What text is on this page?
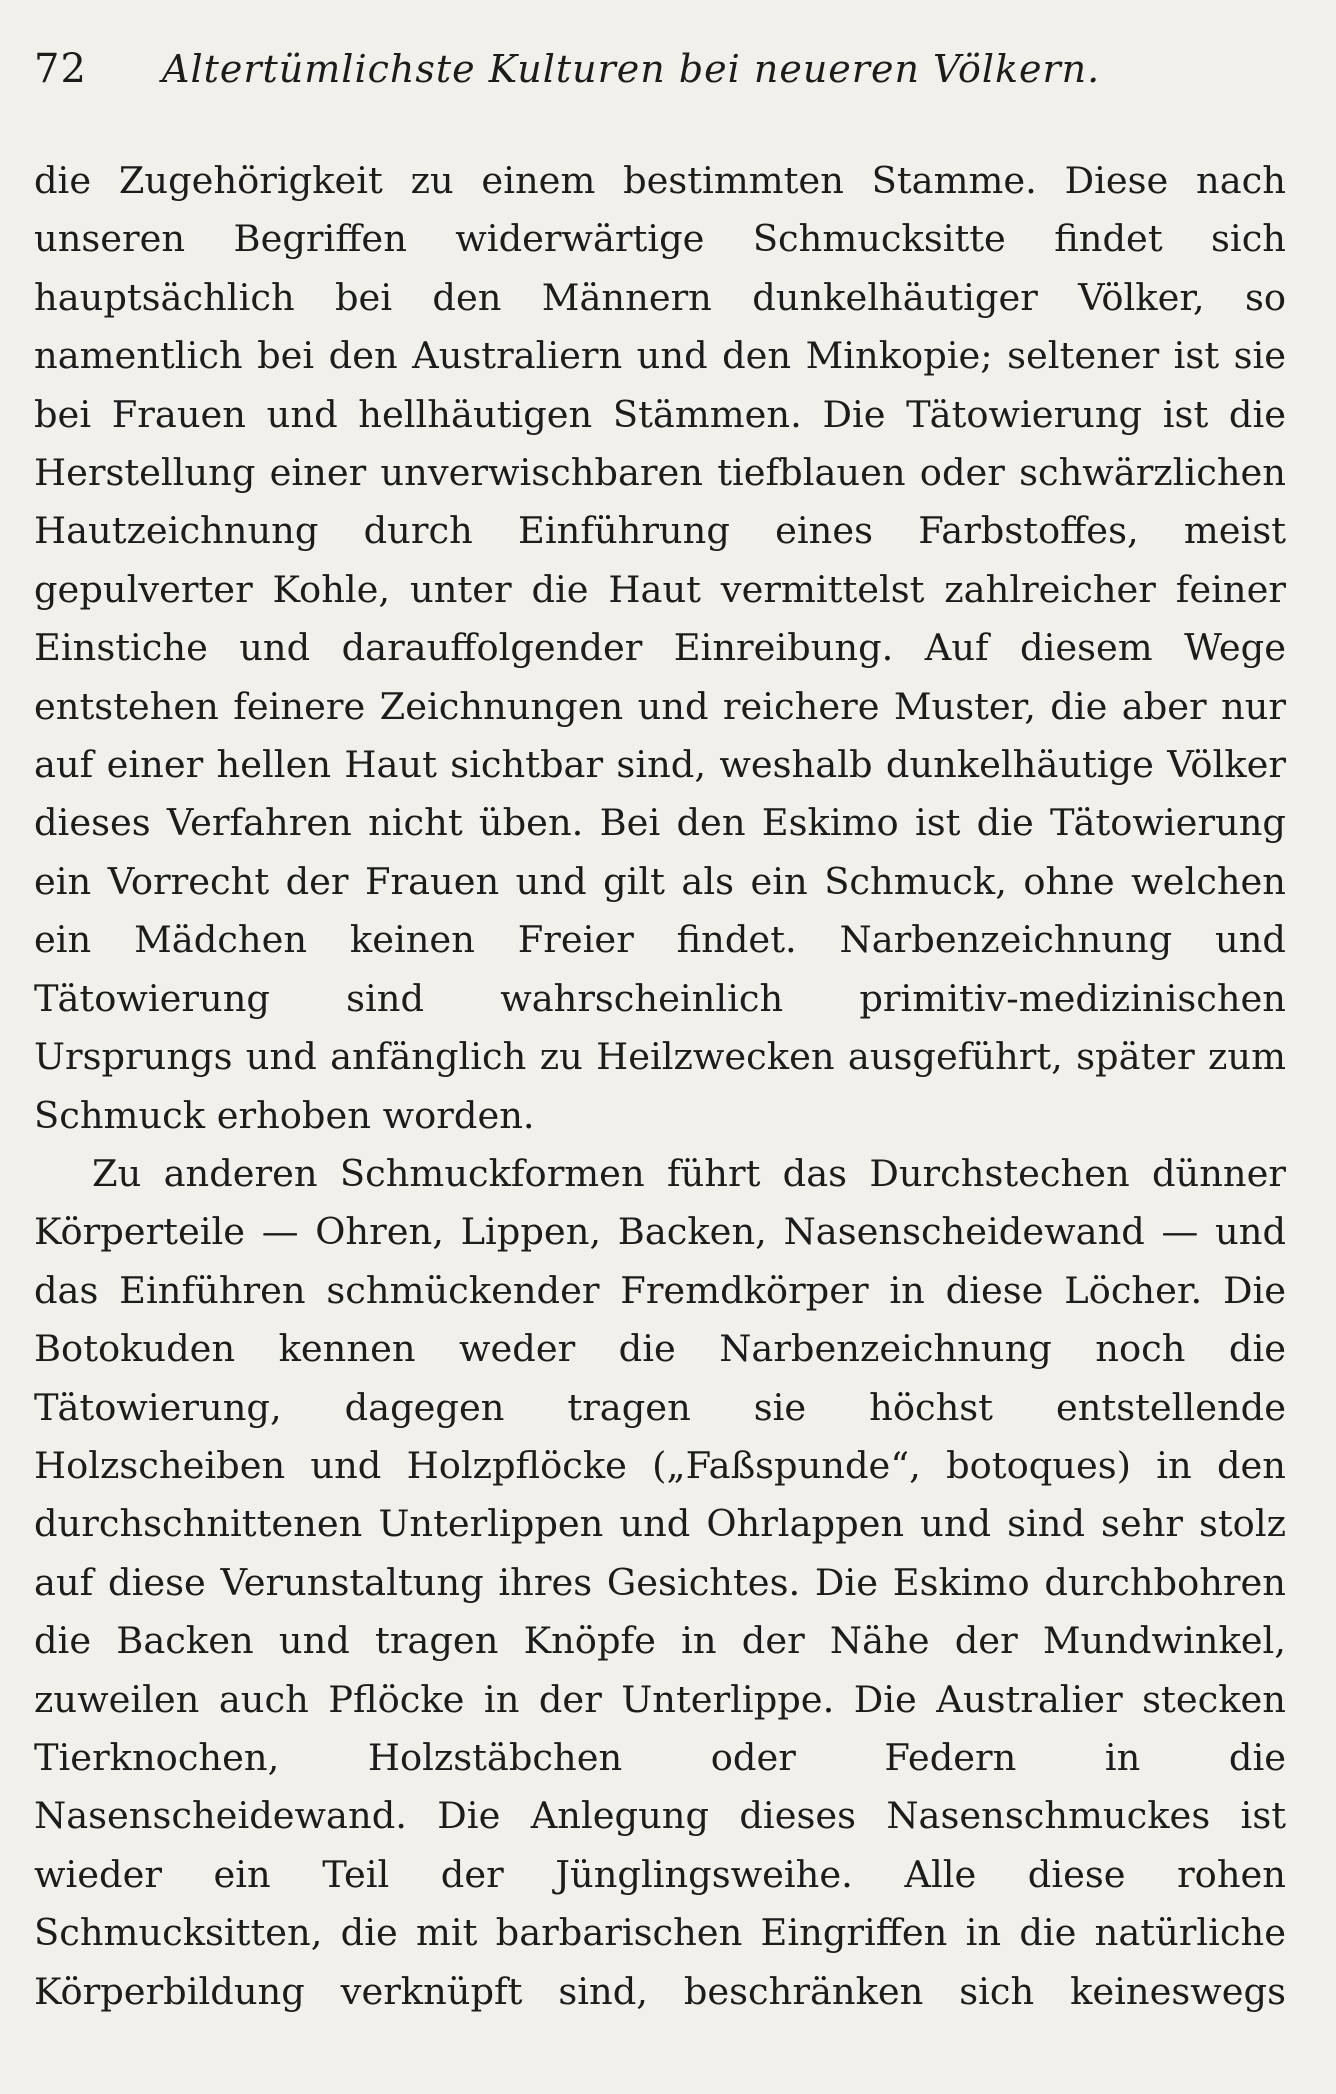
72	Altertümlichste Kulturen bei neueren Völkern.

die Zugehörigkeit zu einem bestimmten Stamme. Diese nach unseren Begriffen widerwärtige Schmucksitte findet sich hauptsächlich bei den Männern dunkelhäutiger Völker, so namentlich bei den Australiern und den Minkopie; seltener ist sie bei Frauen und hellhäutigen Stämmen. Die Tätowierung ist die Herstellung einer unverwischbaren tiefblauen oder schwärzlichen Hautzeichnung durch Einführung eines Farbstoffes, meist gepulverter Kohle, unter die Haut vermittelst zahlreicher feiner Einstiche und darauffolgender Einreibung. Auf diesem Wege entstehen feinere Zeichnungen und reichere Muster, die aber nur auf einer hellen Haut sichtbar sind, weshalb dunkelhäutige Völker dieses Verfahren nicht üben. Bei den Eskimo ist die Tätowierung ein Vorrecht der Frauen und gilt als ein Schmuck, ohne welchen ein Mädchen keinen Freier findet. Narbenzeichnung und Tätowierung sind wahrscheinlich primitiv-medizinischen Ursprungs und anfänglich zu Heilzwecken ausgeführt, später zum Schmuck erhoben worden.

Zu anderen Schmuckformen führt das Durchstechen dünner Körperteile — Ohren, Lippen, Backen, Nasenscheidewand — und das Einführen schmückender Fremdkörper in diese Löcher. Die Botokuden kennen weder die Narbenzeichnung noch die Tätowierung, dagegen tragen sie höchst entstellende Holzscheiben und Holzpflöcke („Faßspunde“, botoques) in den durchschnittenen Unterlippen und Ohrlappen und sind sehr stolz auf diese Verunstaltung ihres Gesichtes. Die Eskimo durchbohren die Backen und tragen Knöpfe in der Nähe der Mundwinkel, zuweilen auch Pflöcke in der Unterlippe. Die Australier stecken Tierknochen, Holzstäbchen oder Federn in die Nasenscheidewand. Die Anlegung dieses Nasenschmuckes ist wieder ein Teil der Jünglingsweihe. Alle diese rohen Schmucksitten, die mit barbarischen Eingriffen in die natürliche Körperbildung verknüpft sind, beschränken sich keineswegs
